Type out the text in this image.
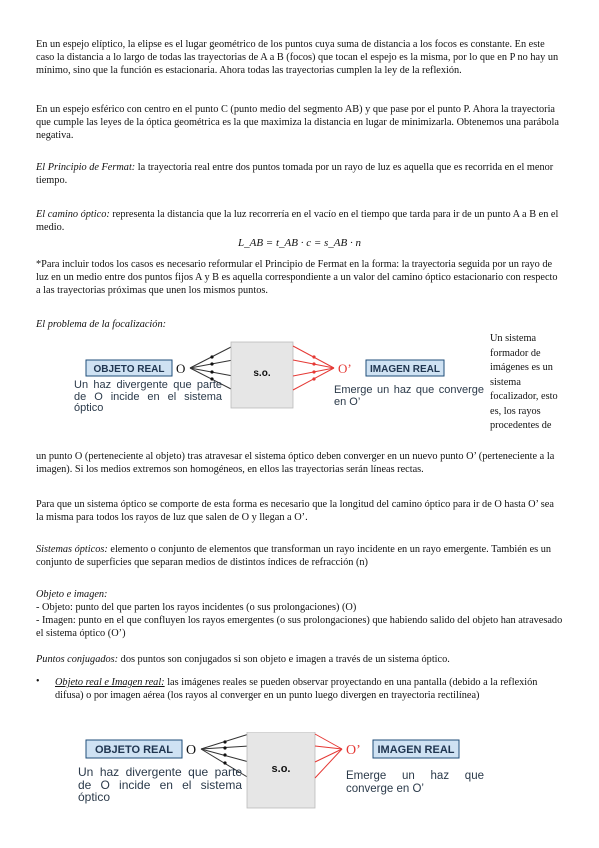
En un espejo elíptico, la elipse es el lugar geométrico de los puntos cuya suma de distancia a los focos es constante. En este caso la distancia a lo largo de todas las trayectorias de A a B (focos) que tocan el espejo es la misma, por lo que en P no hay un mínimo, sino que la función es estacionaria. Ahora todas las trayectorias cumplen la ley de la reflexión.

En un espejo esférico con centro en el punto C (punto medio del segmento AB) y que pase por el punto P. Ahora la trayectoria que cumple las leyes de la óptica geométrica es la que maximiza la distancia en lugar de minimizarla. Obtenemos una parábola negativa.

El Principio de Fermat: la trayectoria real entre dos puntos tomada por un rayo de luz es aquella que es recorrida en el menor tiempo.

El camino óptico: representa la distancia que la luz recorrería en el vacío en el tiempo que tarda para ir de un punto A a B en el medio.

L_AB = t_AB · c = s_AB · n

*Para incluir todos los casos es necesario reformular el Principio de Fermat en la forma: la trayectoria seguida por un rayo de luz en un medio entre dos puntos fijos A y B es aquella correspondiente a un valor del camino óptico estacionario con respecto a las trayectorias próximas que unen los mismos puntos.

El problema de la focalización:

OBJETO REAL O	s.o.	O’ IMAGEN REAL
Un haz divergente que parte de O incide en el sistema óptico
Emerge un haz que converge en O’
Un sistema formador de imágenes es un sistema focalizador, esto es, los rayos procedentes de

un punto O (perteneciente al objeto) tras atravesar el sistema óptico deben converger en un nuevo punto O’ (perteneciente a la imagen). Si los medios extremos son homogéneos, en ellos las trayectorias serán líneas rectas.

Para que un sistema óptico se comporte de esta forma es necesario que la longitud del camino óptico para ir de O hasta O’ sea la misma para todos los rayos de luz que salen de O y llegan a O’.

Sistemas ópticos: elemento o conjunto de elementos que transforman un rayo incidente en un rayo emergente. También es un conjunto de superficies que separan medios de distintos índices de refracción (n)

Objeto e imagen:

- Objeto: punto del que parten los rayos incidentes (o sus prolongaciones) (O)

- Imagen: punto en el que confluyen los rayos emergentes (o sus prolongaciones) que habiendo salido del objeto han atravesado el sistema óptico (O’)

Puntos conjugados: dos puntos son conjugados si son objeto e imagen a través de un sistema óptico.

• Objeto real e Imagen real: las imágenes reales se pueden observar proyectando en una pantalla (debido a la reflexión difusa) o por imagen aérea (los rayos al converger en un punto luego divergen en trayectoria rectilínea)

OBJETO REAL O
s.o.
O’ IMAGEN REAL
Un haz divergente que parte de O incide en el sistema óptico
Emerge un haz que converge en O’
